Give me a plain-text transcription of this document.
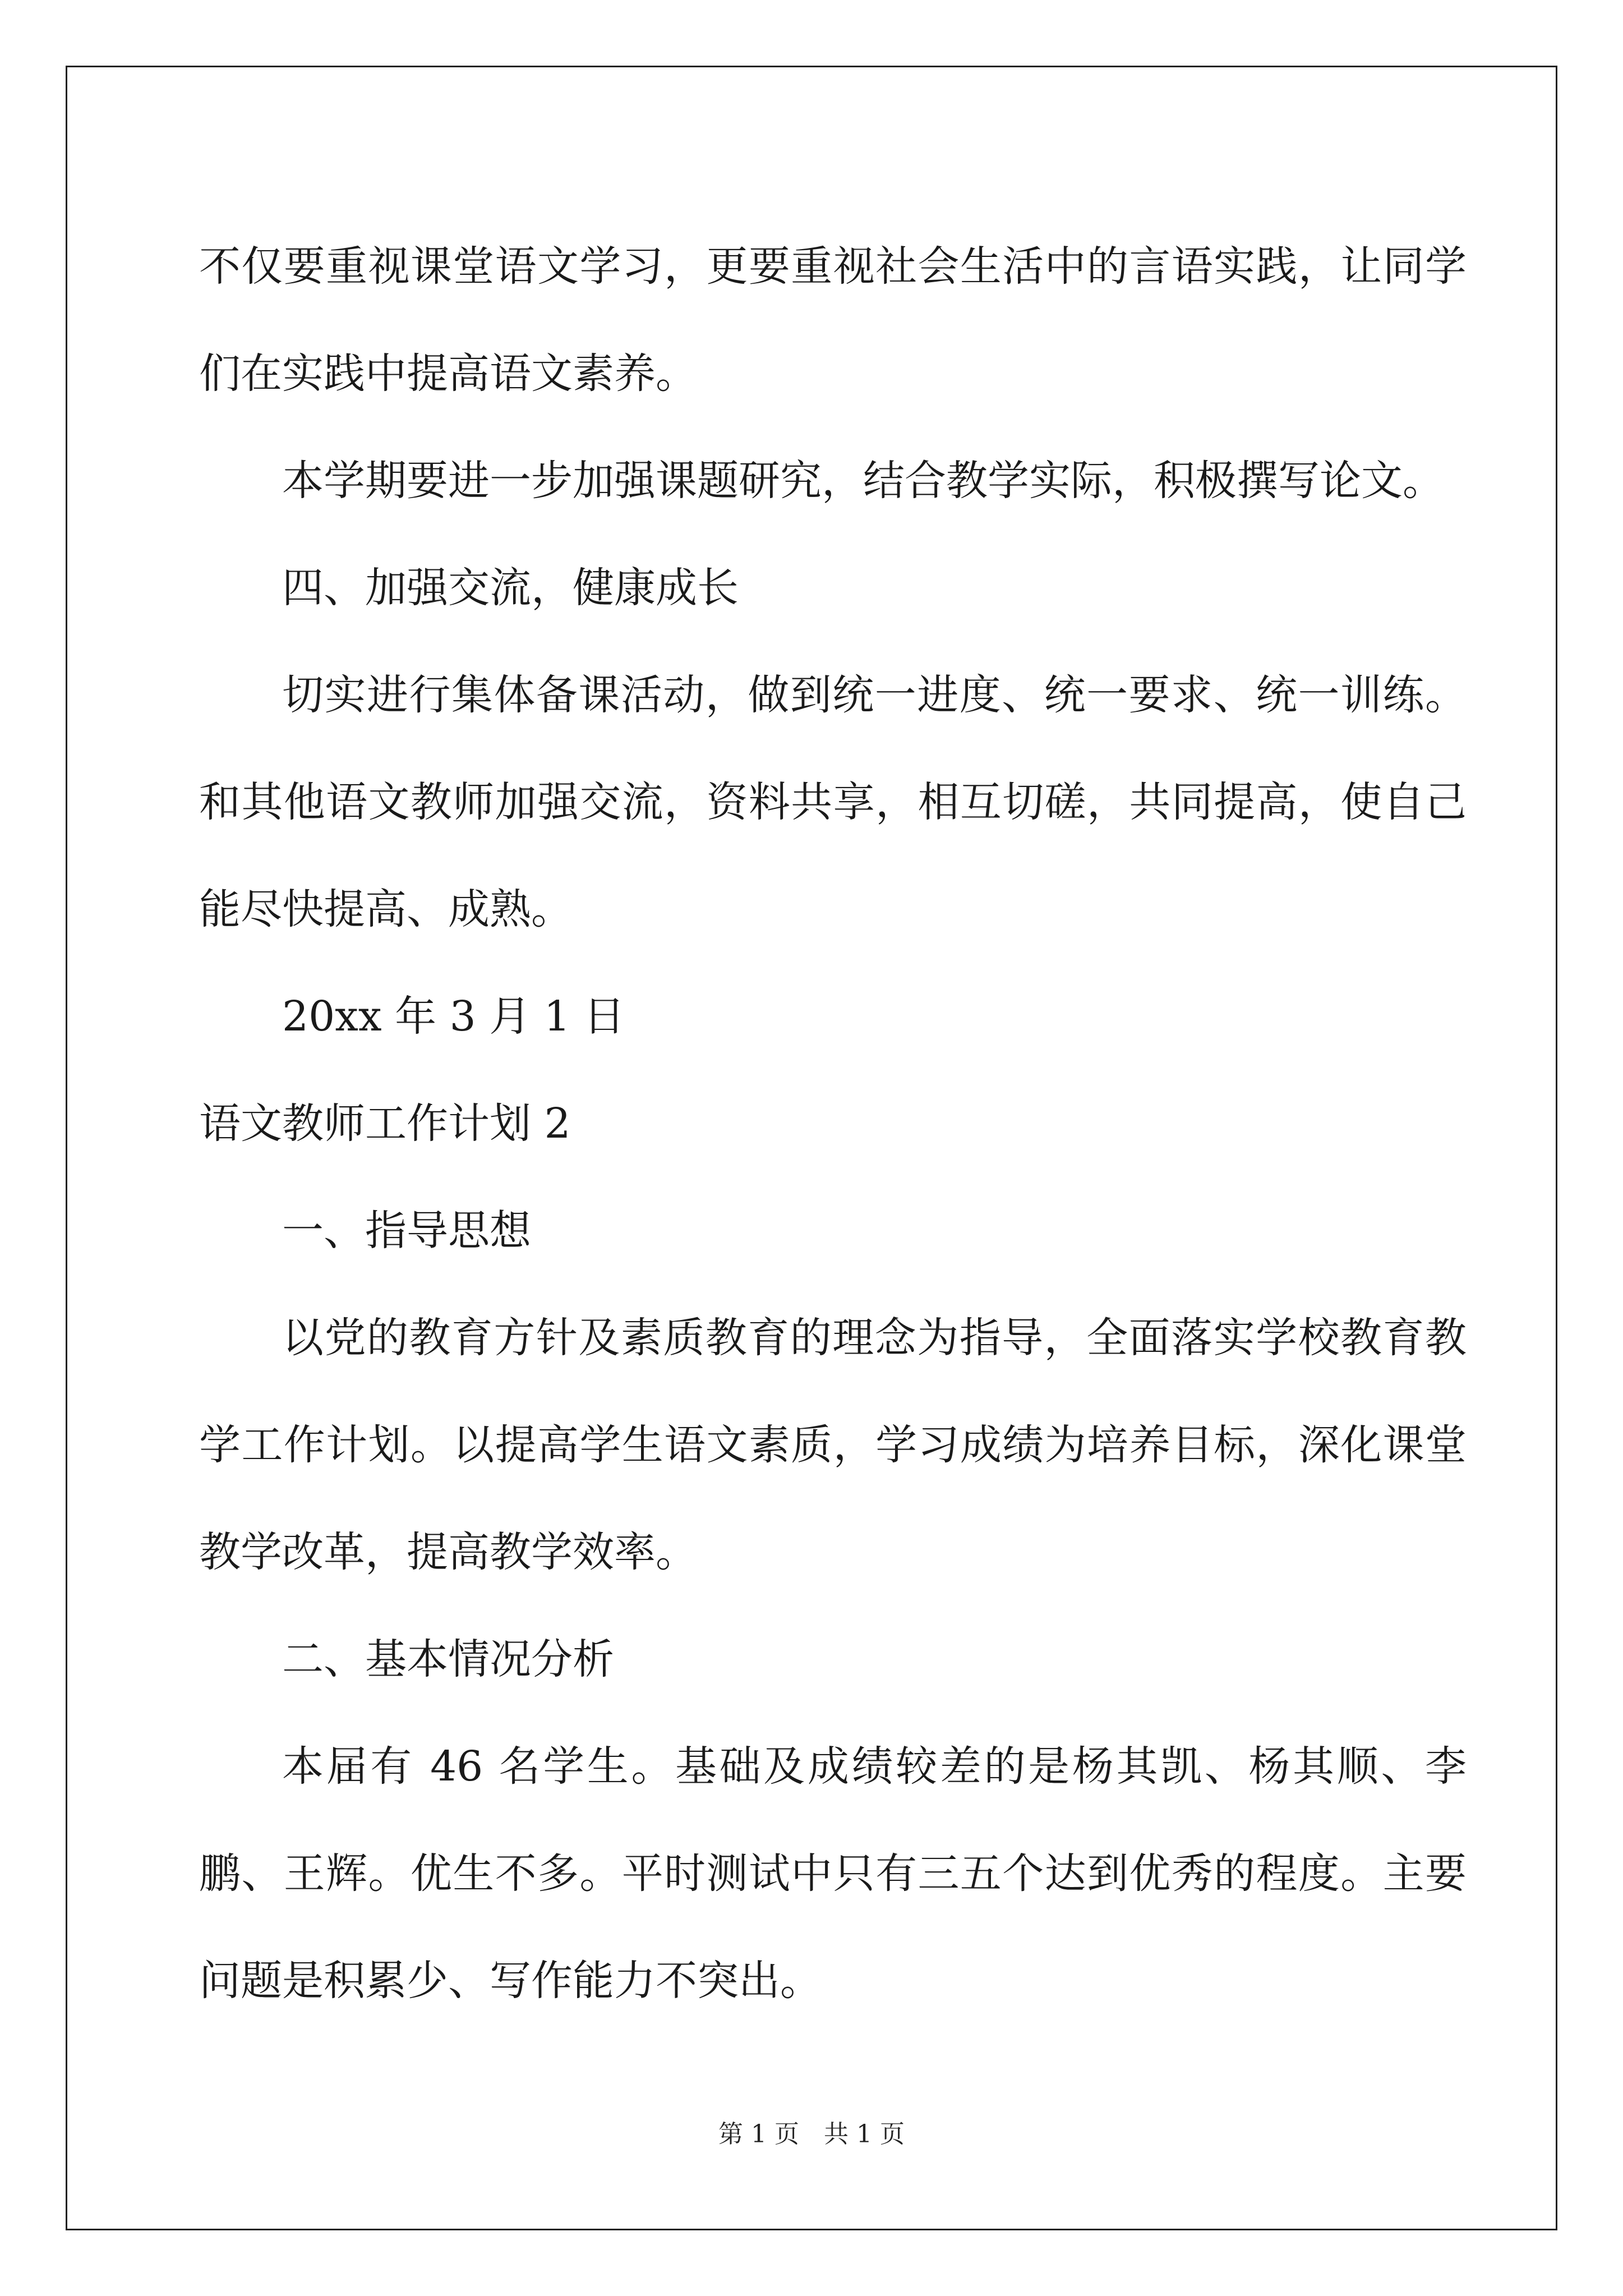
不仅要重视课堂语文学习，更要重视社会生活中的言语实践，让同学们在实践中提高语文素养。

本学期要进一步加强课题研究，结合教学实际，积极撰写论文。

四、加强交流，健康成长

切实进行集体备课活动，做到统一进度、统一要求、统一训练。和其他语文教师加强交流，资料共享，相互切磋，共同提高，使自己能尽快提高、成熟。

20xx 年 3 月 1 日

语文教师工作计划 2

一、指导思想

以党的教育方针及素质教育的理念为指导，全面落实学校教育教学工作计划。以提高学生语文素质，学习成绩为培养目标，深化课堂教学改革，提高教学效率。

二、基本情况分析

本届有 46 名学生。基础及成绩较差的是杨其凯、杨其顺、李鹏、王辉。优生不多。平时测试中只有三五个达到优秀的程度。主要问题是积累少、写作能力不突出。

第 1 页 共 1 页
